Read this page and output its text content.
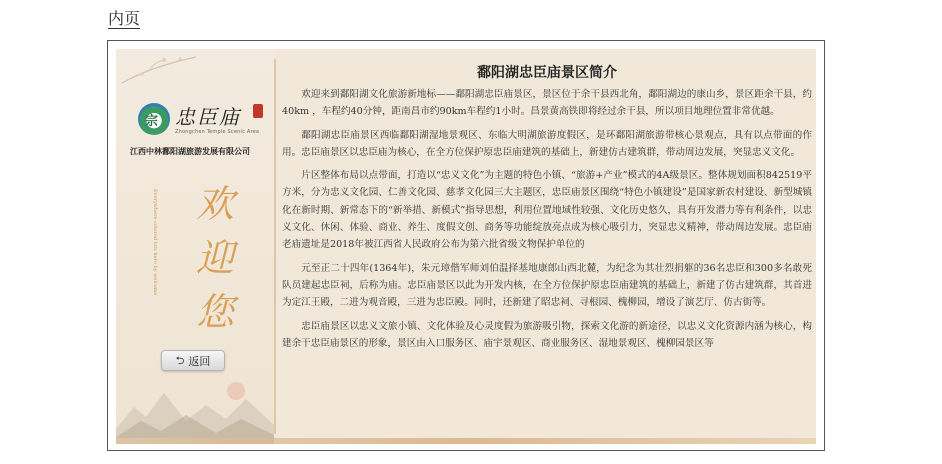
内页
宗 忠臣庙
Zhongchen Temple Scenic Area
江西中林鄱阳湖旅游发展有限公司
Everywhere colored lots here by welcome 欢迎您
⮌ 返回
鄱阳湖忠臣庙景区简介

欢迎来到鄱阳湖文化旅游新地标——鄱阳湖忠臣庙景区，景区位于余干县西北角，鄱阳湖边的康山乡，景区距余干县，约40km ，车程约40分钟，距南昌市约90km车程约1小时。昌景黄高铁即将经过余干县，所以项目地理位置非常优越。

鄱阳湖忠臣庙景区西临鄱阳湖湿地景观区、东临大明湖旅游度假区，是环鄱阳湖旅游带核心景观点，具有以点带面的作用。忠臣庙景区以忠臣庙为核心，在全方位保护原忠臣庙建筑的基础上，新建仿古建筑群，带动周边发展，突显忠义文化。

片区整体布局以点带面，打造以“忠义文化”为主题的特色小镇、“旅游+产业”模式的4A级景区。整体规划面积842519平方米，分为忠义文化园、仁善文化园、慈孝文化园三大主题区，忠臣庙景区围绕“特色小镇建设”是国家新农村建设、新型城镇化在新时期、新常态下的“新举措、新模式”指导思想，利用位置地域性较强、文化历史悠久，具有开发潜力等有利条件，以忠义文化、休闲、体验、商业、养生、度假文创、商务等功能绽放亮点成为核心吸引力，突显忠义精神，带动周边发展。忠臣庙老庙遗址是2018年被江西省人民政府公布为第六批省级文物保护单位的

元至正二十四年(1364年)，朱元璋偕军师刘伯温择基地康郎山西北麓，为纪念为其壮烈捐躯的36名忠臣和300多名敢死队员建起忠臣祠，后称为庙。忠臣庙景区以此为开发内核，在全方位保护原忠臣庙建筑的基础上，新建了仿古建筑群，其首进为定江王殿，二进为观音殿，三进为忠臣殿。同时，还新建了昭忠祠、寻根园、槐柳园，增设了演艺厅、仿古街等。

忠臣庙景区以忠义文旅小镇、文化体验及心灵度假为旅游吸引物，探索文化游的新途径，以忠义文化资源内涵为核心，构建余干忠臣庙景区的形象，景区由入口服务区、庙宇景观区、商业服务区、湿地景观区、槐柳园景区等
